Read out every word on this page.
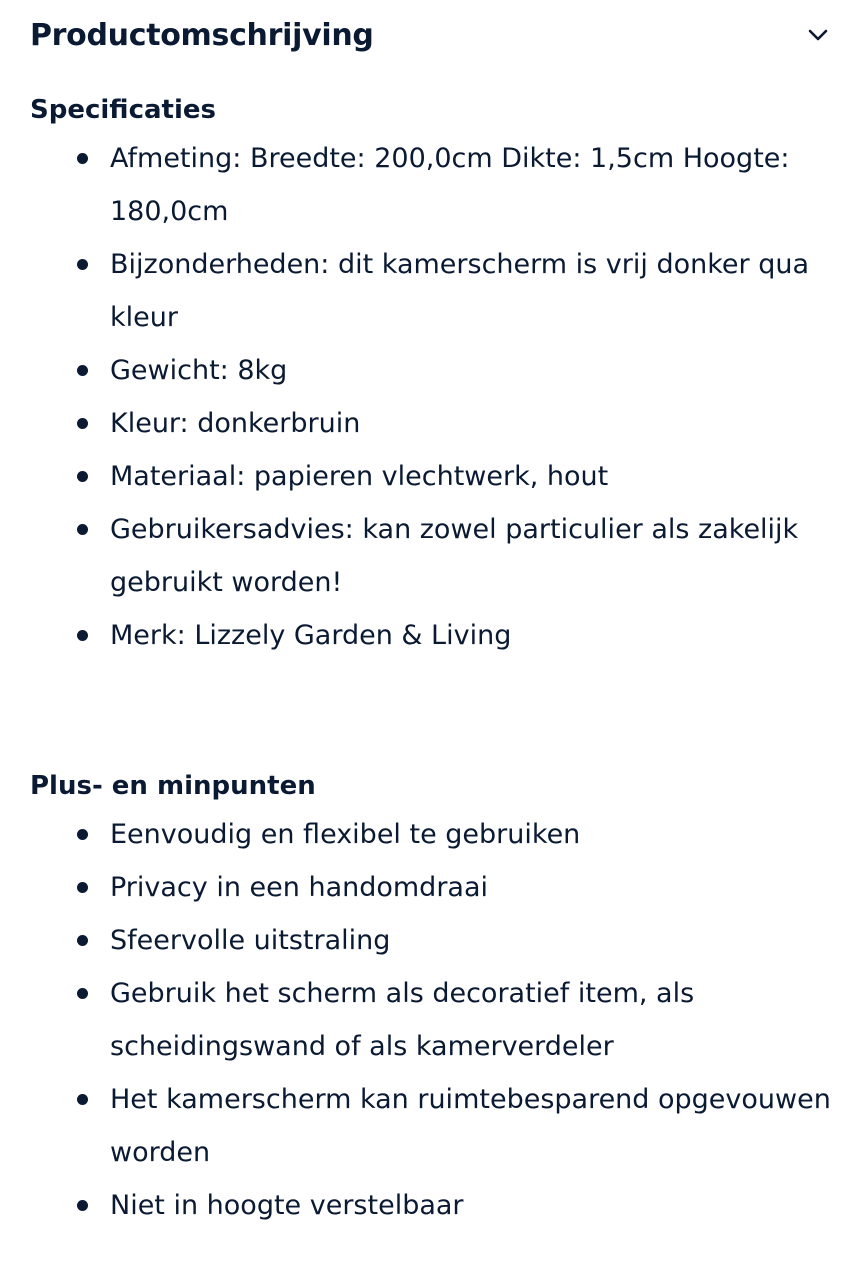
Productomschrijving
Specificaties
Afmeting: Breedte: 200,0cm Dikte: 1,5cm Hoogte: 180,0cm
Bijzonderheden: dit kamerscherm is vrij donker qua kleur
Gewicht: 8kg
Kleur: donkerbruin
Materiaal: papieren vlechtwerk, hout
Gebruikersadvies: kan zowel particulier als zakelijk gebruikt worden!
Merk: Lizzely Garden & Living
Plus- en minpunten
Eenvoudig en flexibel te gebruiken
Privacy in een handomdraai
Sfeervolle uitstraling
Gebruik het scherm als decoratief item, als scheidingswand of als kamerverdeler
Het kamerscherm kan ruimtebesparend opgevouwen worden
Niet in hoogte verstelbaar
